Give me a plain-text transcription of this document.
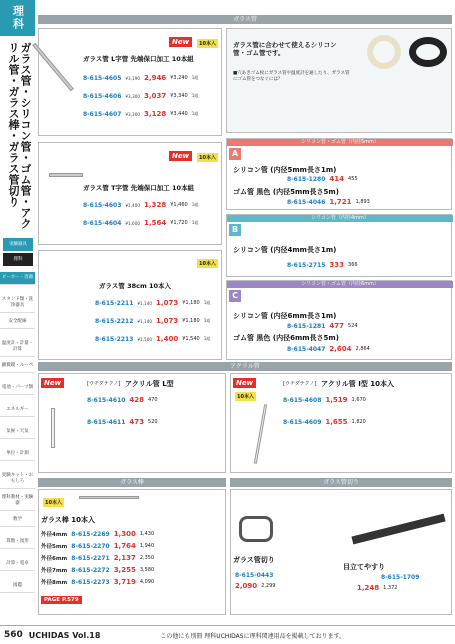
理科
ガラス管・シリコン管・ゴム管・アクリル管・ガラス棒・ガラス管切り
実験器具
理科
ビーカー・容器
スタンド類・洗浄器具
安全配線
温度計・計量・計算
顕微鏡・ルーペ
電池・パーツ類
エネルギー
気候・天気
単位・計測
実験キット・おもしろ
理科教材・実験器
数学
算数・図形
計算・電卓
図鑑
ガラス管
New	10本入
ガラス管 L字管 先端保口加工 10本組
8-615-4605 ¥3,190 2,946 ¥3,240 1組
8-615-4606 ¥3,300 3,037 ¥3,340 1組
8-615-4607 ¥3,300 3,128 ¥3,440 1組
New	10本入
ガラス管 T字管 先端保口加工 10本組
8-615-4603 ¥1,400 1,328 ¥1,460 1組
8-615-4604 ¥1,600 1,564 ¥1,720 1組
10本入
ガラス管 38cm 10本入
8-615-2211 ¥1,140 1,073 ¥1,180 1組
8-615-2212 ¥1,140 1,073 ¥1,180 1組
8-615-2213 ¥1,500 1,400 ¥1,540 1組
ガラス管に合わせて使えるシリコン管・ゴム管です。
■穴あきゴム栓にガラス管や温度計を通したり、ガラス管にゴム管をつなぐには？
シリコン管・ゴム管（内径5mm）
A
シリコン管 (内径5mm長さ1m)
8-615-1280 414 455
ゴム管 黒色 (内径5mm長さ5m)
8-615-4046 1,721 1,893
シリコン管（内径4mm）
B
シリコン管 (内径4mm長さ1m)
8-615-2715 333 366
シリコン管・ゴム管（内径6mm）
C
シリコン管 (内径6mm長さ1m)
8-615-1281 477 524
ゴム管 黒色 (内径6mm長さ5m)
8-615-4047 2,604 2,864
アクリル管
New	[ウチダテクノ] アクリル管 L型
8-615-4610 428 470
8-615-4611 473 520
New
10本入
[ウチダテクノ] アクリル管 I型 10本入
8-615-4608 1,519 1,670
8-615-4609 1,655 1,820
ガラス棒
10本入
ガラス棒 10本入
外径4mm 8-615-2269 1,300 1,430
外径5mm 8-615-2270 1,764 1,940
外径6mm 8-615-2271 2,137 2,350
外径7mm 8-615-2272 3,255 3,580
外径8mm 8-615-2273 3,719 4,090
PAGE P.579
ガラス管切り
ガラス管切り
8-615-0443
2,090 2,299
目立てやすり
8-615-1709
1,248 1,372
560 UCHIDAS Vol.18	この他にも別冊 理科UCHIDASに理科関連用品を掲載しております。
